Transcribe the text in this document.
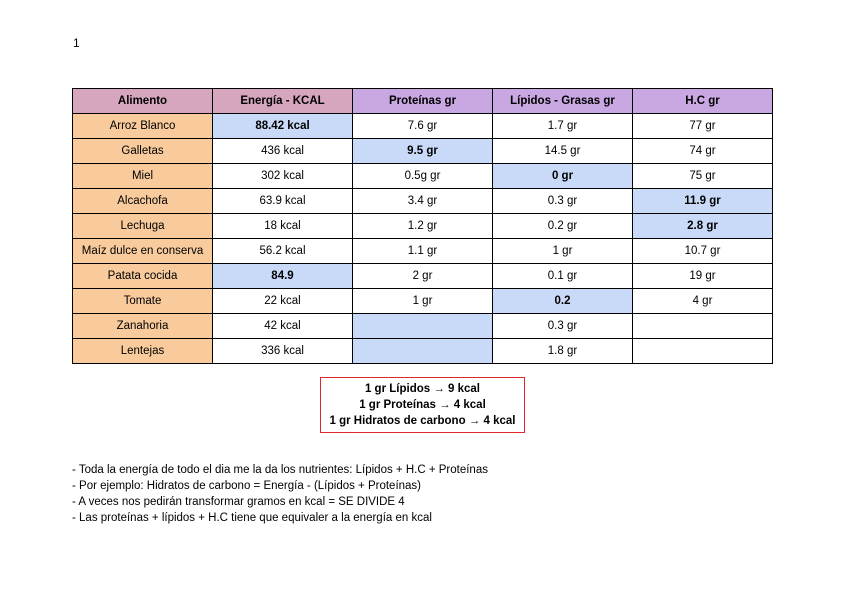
1
Alimento	Energía - KCAL	Proteínas gr	Lípidos - Grasas gr	H.C gr
Arroz Blanco	88.42 kcal	7.6 gr	1.7 gr	77 gr
Galletas	436 kcal	9.5 gr	14.5 gr	74 gr
Miel	302 kcal	0.5g gr	0 gr	75 gr
Alcachofa	63.9 kcal	3.4 gr	0.3 gr	11.9 gr
Lechuga	18 kcal	1.2 gr	0.2 gr	2.8 gr
Maíz dulce en conserva	56.2 kcal	1.1 gr	1 gr	10.7 gr
Patata cocida	84.9	2 gr	0.1 gr	19 gr
Tomate	22 kcal	1 gr	0.2	4 gr
Zanahoria	42 kcal		0.3 gr	
Lentejas	336 kcal		1.8 gr	
1 gr Lípidos → 9 kcal
1 gr Proteínas → 4 kcal
1 gr Hidratos de carbono → 4 kcal
- Toda la energía de todo el dia me la da los nutrientes: Lípidos + H.C + Proteínas
- Por ejemplo: Hidratos de carbono = Energía - (Lípidos + Proteínas)
- A veces nos pedirán transformar gramos en kcal = SE DIVIDE 4
- Las proteínas + lípidos + H.C tiene que equivaler a la energía en kcal
